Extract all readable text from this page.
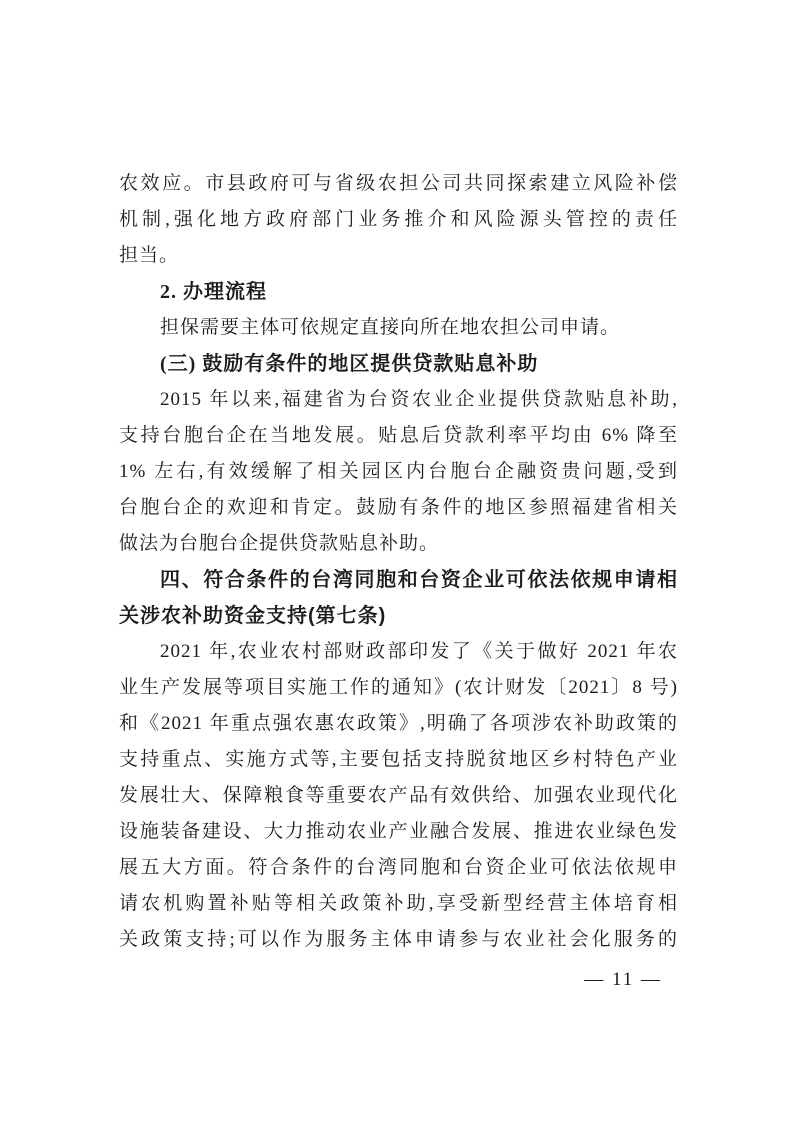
农效应。市县政府可与省级农担公司共同探索建立风险补偿
机制,强化地方政府部门业务推介和风险源头管控的责任
担当。
2. 办理流程
担保需要主体可依规定直接向所在地农担公司申请。
(三) 鼓励有条件的地区提供贷款贴息补助
2015 年以来,福建省为台资农业企业提供贷款贴息补助,
支持台胞台企在当地发展。贴息后贷款利率平均由 6% 降至
1% 左右,有效缓解了相关园区内台胞台企融资贵问题,受到
台胞台企的欢迎和肯定。鼓励有条件的地区参照福建省相关
做法为台胞台企提供贷款贴息补助。
四、符合条件的台湾同胞和台资企业可依法依规申请相
关涉农补助资金支持(第七条)
2021 年,农业农村部财政部印发了《关于做好 2021 年农
业生产发展等项目实施工作的通知》(农计财发〔2021〕8 号)
和《2021 年重点强农惠农政策》,明确了各项涉农补助政策的
支持重点、实施方式等,主要包括支持脱贫地区乡村特色产业
发展壮大、保障粮食等重要农产品有效供给、加强农业现代化
设施装备建设、大力推动农业产业融合发展、推进农业绿色发
展五大方面。符合条件的台湾同胞和台资企业可依法依规申
请农机购置补贴等相关政策补助,享受新型经营主体培育相
关政策支持;可以作为服务主体申请参与农业社会化服务的
— 11 —
